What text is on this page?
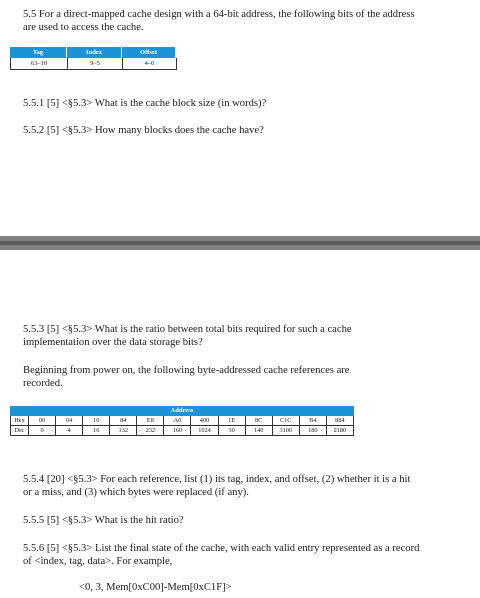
5.5 For a direct-mapped cache design with a 64-bit address, the following bits of the address

are used to access the cache.

Tag	Index	Offset
63–10	9–5	4–0

5.5.1 [5] <§5.3> What is the cache block size (in words)?

5.5.2 [5] <§5.3> How many blocks does the cache have?

5.5.3 [5] <§5.3> What is the ratio between total bits required for such a cache

implementation over the data storage bits?

Beginning from power on, the following byte-addressed cache references are

recorded.

Address
Hex	00	04	10	84	E8	A0	400	1E	8C	C1C	B4	884
Dec	0	4	16	132	232	160	1024	30	140	3100	180	2180

5.5.4 [20] <§5.3> For each reference, list (1) its tag, index, and offset, (2) whether it is a hit

or a miss, and (3) which bytes were replaced (if any).

5.5.5 [5] <§5.3> What is the hit ratio?

5.5.6 [5] <§5.3> List the final state of the cache, with each valid entry represented as a record

of <index, tag, data>. For example,

<0, 3, Mem[0xC00]-Mem[0xC1F]>
